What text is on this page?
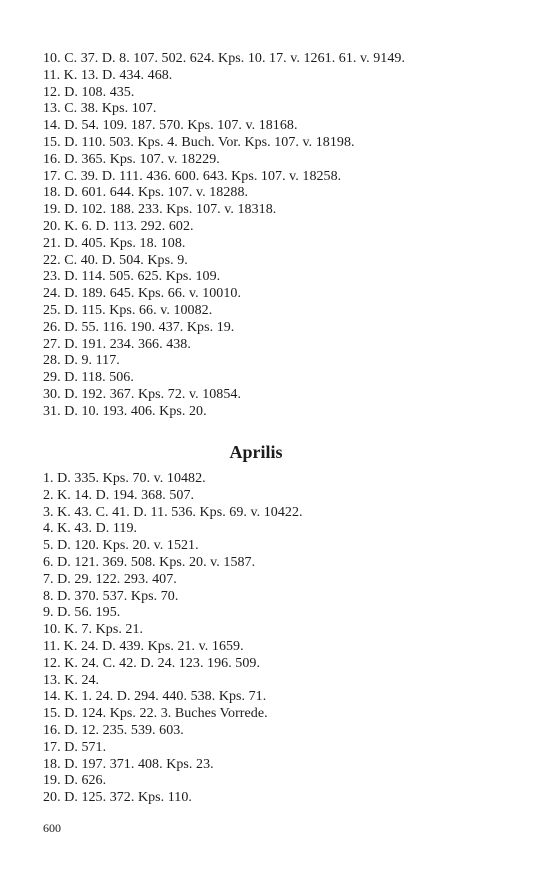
10. C. 37. D. 8. 107. 502. 624. Kps. 10. 17. v. 1261. 61. v. 9149.
11. K. 13. D. 434. 468.
12. D. 108. 435.
13. C. 38. Kps. 107.
14. D. 54. 109. 187. 570. Kps. 107. v. 18168.
15. D. 110. 503. Kps. 4. Buch. Vor. Kps. 107. v. 18198.
16. D. 365. Kps. 107. v. 18229.
17. C. 39. D. 111. 436. 600. 643. Kps. 107. v. 18258.
18. D. 601. 644. Kps. 107. v. 18288.
19. D. 102. 188. 233. Kps. 107. v. 18318.
20. K. 6. D. 113. 292. 602.
21. D. 405. Kps. 18. 108.
22. C. 40. D. 504. Kps. 9.
23. D. 114. 505. 625. Kps. 109.
24. D. 189. 645. Kps. 66. v. 10010.
25. D. 115. Kps. 66. v. 10082.
26. D. 55. 116. 190. 437. Kps. 19.
27. D. 191. 234. 366. 438.
28. D. 9. 117.
29. D. 118. 506.
30. D. 192. 367. Kps. 72. v. 10854.
31. D. 10. 193. 406. Kps. 20.
Aprilis
1. D. 335. Kps. 70. v. 10482.
2. K. 14. D. 194. 368. 507.
3. K. 43. C. 41. D. 11. 536. Kps. 69. v. 10422.
4. K. 43. D. 119.
5. D. 120. Kps. 20. v. 1521.
6. D. 121. 369. 508. Kps. 20. v. 1587.
7. D. 29. 122. 293. 407.
8. D. 370. 537. Kps. 70.
9. D. 56. 195.
10. K. 7. Kps. 21.
11. K. 24. D. 439. Kps. 21. v. 1659.
12. K. 24. C. 42. D. 24. 123. 196. 509.
13. K. 24.
14. K. 1. 24. D. 294. 440. 538. Kps. 71.
15. D. 124. Kps. 22. 3. Buches Vorrede.
16. D. 12. 235. 539. 603.
17. D. 571.
18. D. 197. 371. 408. Kps. 23.
19. D. 626.
20. D. 125. 372. Kps. 110.
600
